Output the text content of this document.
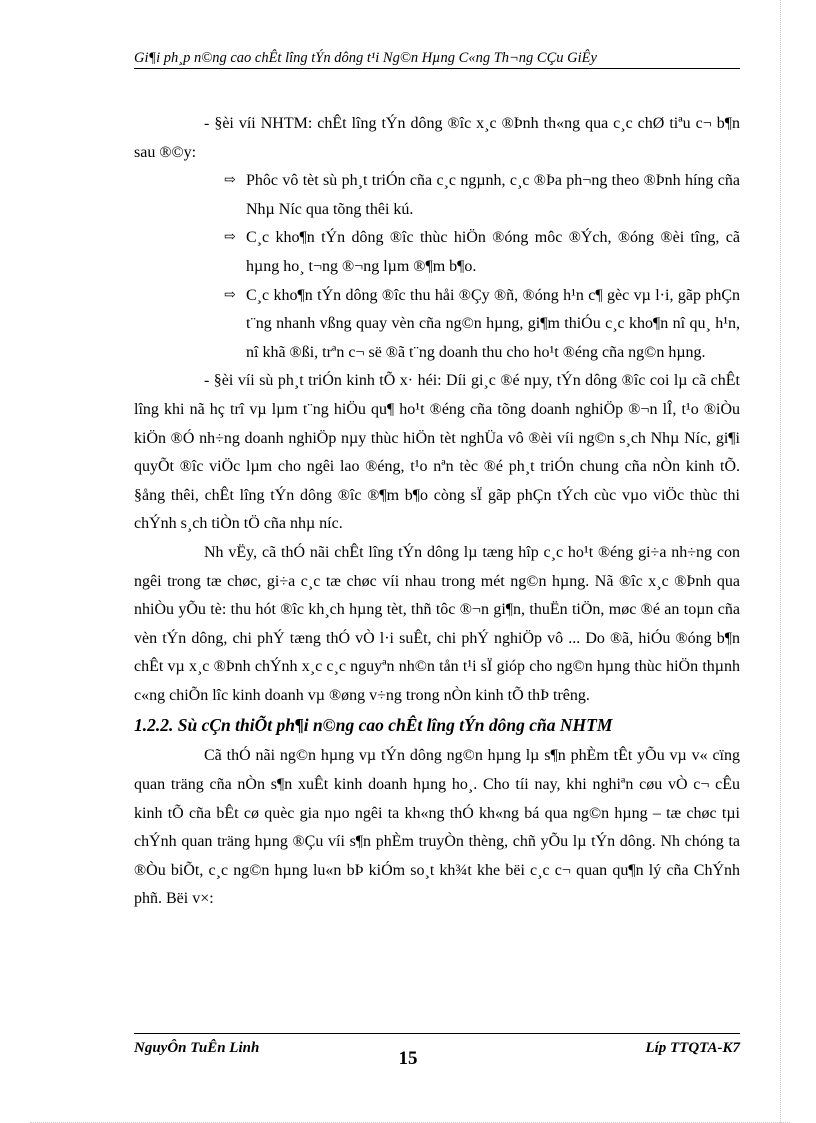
Gi¶i ph¸p n©ng cao chÊt lîng tÝn dông t¹i Ng©n Hµng C«ng Th¬ng CÇu GiÊy

- §èi víi NHTM: chÊt lîng tÝn dông ®îc x¸c ®Þnh th«ng qua c¸c chØ tiªu c¬ b¶n sau ®©y:

⇨ Phôc vô tèt sù ph¸t triÓn cña c¸c ngµnh, c¸c ®Þa ph¬ng theo ®Þnh híng cña Nhµ Níc qua tõng thêi kú.
⇨ C¸c kho¶n tÝn dông ®îc thùc hiÖn ®óng môc ®Ých, ®óng ®èi tîng, cã hµng ho¸ t¬ng ®¬ng lµm ®¶m b¶o.
⇨ C¸c kho¶n tÝn dông ®îc thu håi ®Çy ®ñ, ®óng h¹n c¶ gèc vµ l·i, gãp phÇn t¨ng nhanh vßng quay vèn cña ng©n hµng, gi¶m thiÓu c¸c kho¶n nî qu¸ h¹n, nî khã ®ßi, trªn c¬ së ®ã t¨ng doanh thu cho ho¹t ®éng cña ng©n hµng.

- §èi víi sù ph¸t triÓn kinh tÕ x· héi: Díi gi¸c ®é nµy, tÝn dông ®îc coi lµ cã chÊt lîng khi nã hç trî vµ lµm t¨ng hiÖu qu¶ ho¹t ®éng cña tõng doanh nghiÖp ®¬n lÎ, t¹o ®iÒu kiÖn ®Ó nh÷ng doanh nghiÖp nµy thùc hiÖn tèt nghÜa vô ®èi víi ng©n s¸ch Nhµ Níc, gi¶i quyÕt ®îc viÖc lµm cho ngêi lao ®éng, t¹o nªn tèc ®é ph¸t triÓn chung cña nÒn kinh tÕ. §ång thêi, chÊt lîng tÝn dông ®îc ®¶m b¶o còng sÏ gãp phÇn tÝch cùc vµo viÖc thùc thi chÝnh s¸ch tiÒn tÖ cña nhµ níc.

Nh vËy, cã thÓ nãi chÊt lîng tÝn dông lµ tæng hîp c¸c ho¹t ®éng gi÷a nh÷ng con ngêi trong tæ chøc, gi÷a c¸c tæ chøc víi nhau trong mét ng©n hµng. Nã ®îc x¸c ®Þnh qua nhiÒu yÕu tè: thu hót ®îc kh¸ch hµng tèt, thñ tôc ®¬n gi¶n, thuËn tiÖn, møc ®é an toµn cña vèn tÝn dông, chi phÝ tæng thÓ vÒ l·i suÊt, chi phÝ nghiÖp vô ... Do ®ã, hiÓu ®óng b¶n chÊt vµ x¸c ®Þnh chÝnh x¸c c¸c nguyªn nh©n tån t¹i sÏ gióp cho ng©n hµng thùc hiÖn thµnh c«ng chiÕn lîc kinh doanh vµ ®øng v÷ng trong nÒn kinh tÕ thÞ trêng.

1.2.2. Sù cÇn thiÕt ph¶i n©ng cao chÊt lîng tÝn dông cña NHTM

Cã thÓ nãi ng©n hµng vµ tÝn dông ng©n hµng lµ s¶n phÈm tÊt yÕu vµ v« cïng quan träng cña nÒn s¶n xuÊt kinh doanh hµng ho¸. Cho tíi nay, khi nghiªn cøu vÒ c¬ cÊu kinh tÕ cña bÊt cø quèc gia nµo ngêi ta kh«ng thÓ kh«ng bá qua ng©n hµng – tæ chøc tµi chÝnh quan träng hµng ®Çu víi s¶n phÈm truyÒn thèng, chñ yÕu lµ tÝn dông. Nh chóng ta ®Òu biÕt, c¸c ng©n hµng lu«n bÞ kiÓm so¸t kh¾t khe bëi c¸c c¬ quan qu¶n lý cña ChÝnh phñ. Bëi v×:

NguyÔn TuÊn Linh	15	Líp TTQTA-K7
